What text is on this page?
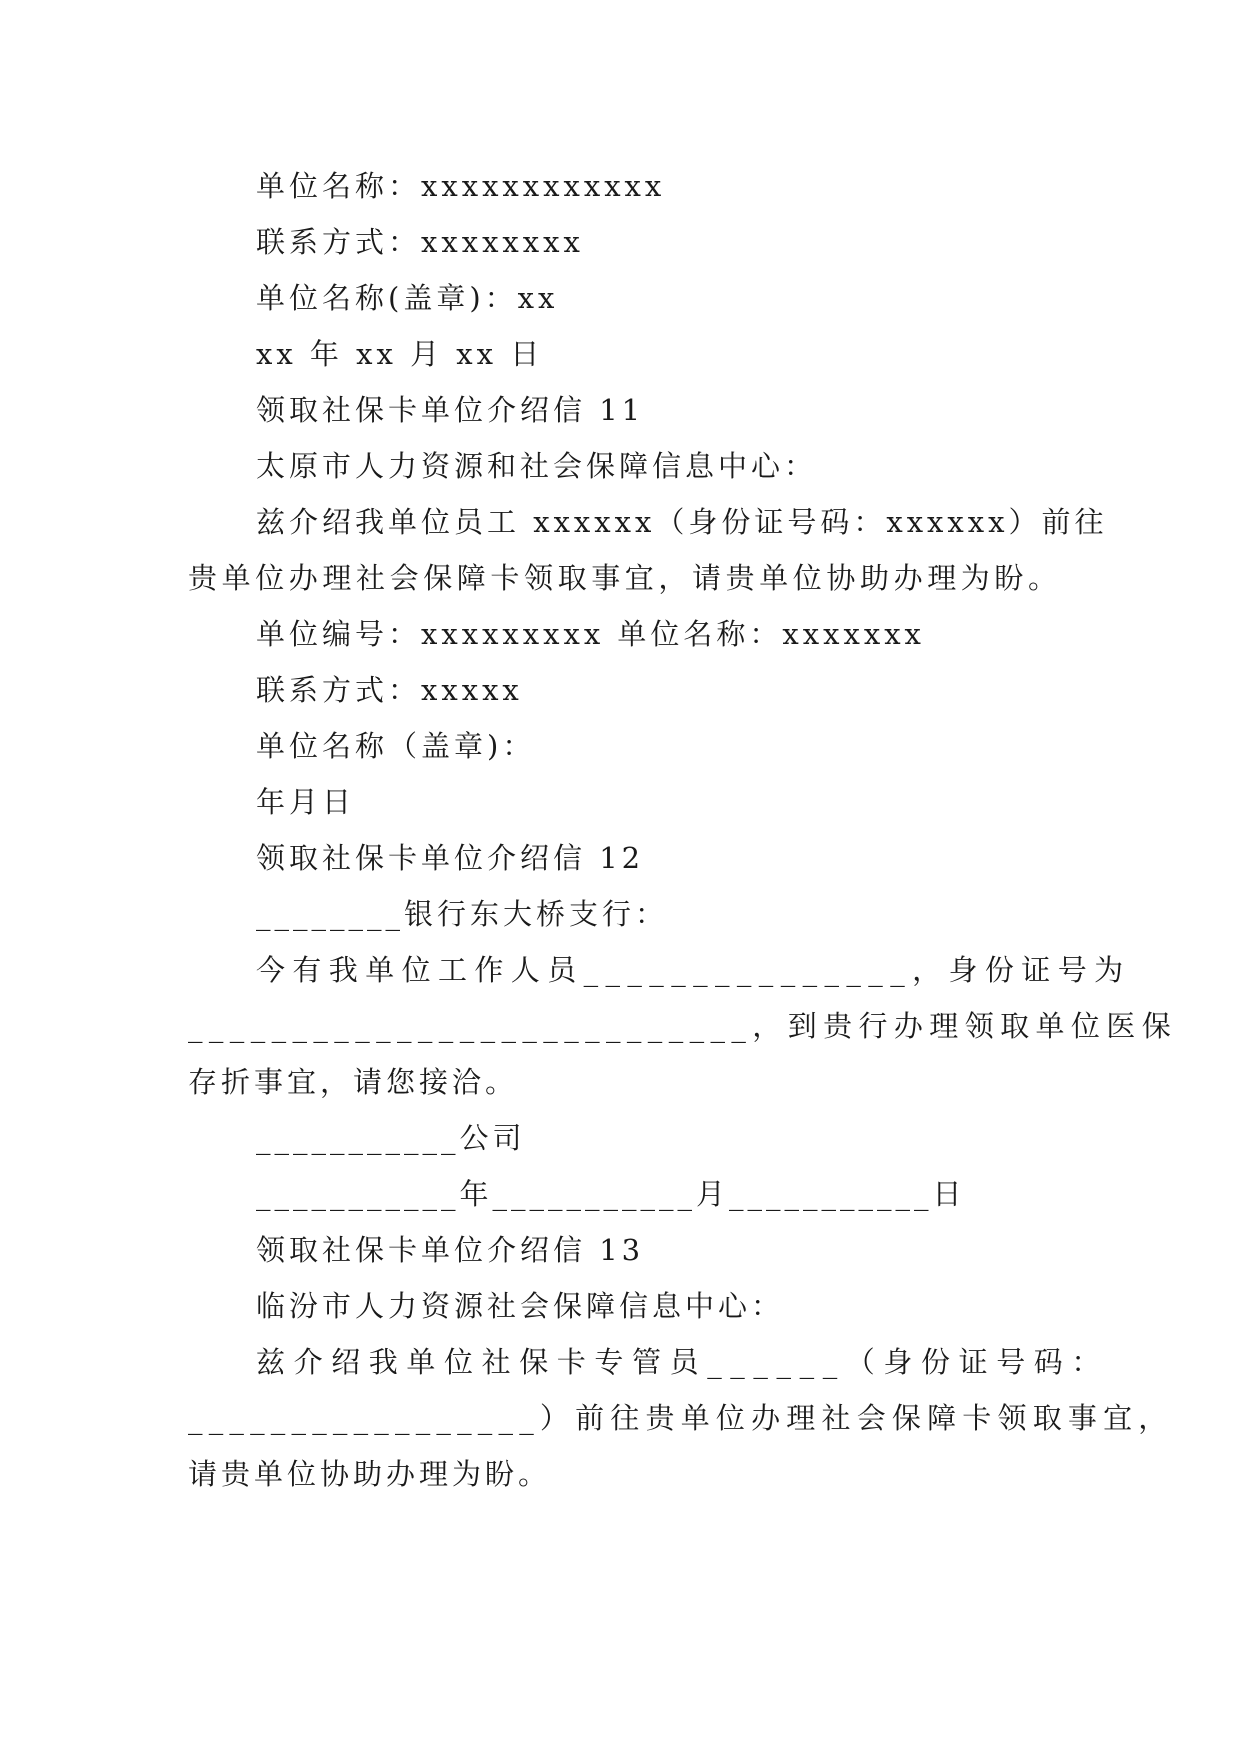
单位名称：xxxxxxxxxxxx
联系方式：xxxxxxxx
单位名称(盖章)：xx
xx 年 xx 月 xx 日
领取社保卡单位介绍信 11
太原市人力资源和社会保障信息中心：
兹介绍我单位员工 xxxxxx（身份证号码：xxxxxx）前往
贵单位办理社会保障卡领取事宜，请贵单位协助办理为盼。
单位编号：xxxxxxxxx 单位名称：xxxxxxx
联系方式：xxxxx
单位名称（盖章)：
年月日
领取社保卡单位介绍信 12
________银行东大桥支行：
今有我单位工作人员_______________，身份证号为
___________________________，到贵行办理领取单位医保
存折事宜，请您接洽。
___________公司
___________年___________月___________日
领取社保卡单位介绍信 13
临汾市人力资源社会保障信息中心：
兹介绍我单位社保卡专管员______（身份证号码：
_________________）前往贵单位办理社会保障卡领取事宜，
请贵单位协助办理为盼。
